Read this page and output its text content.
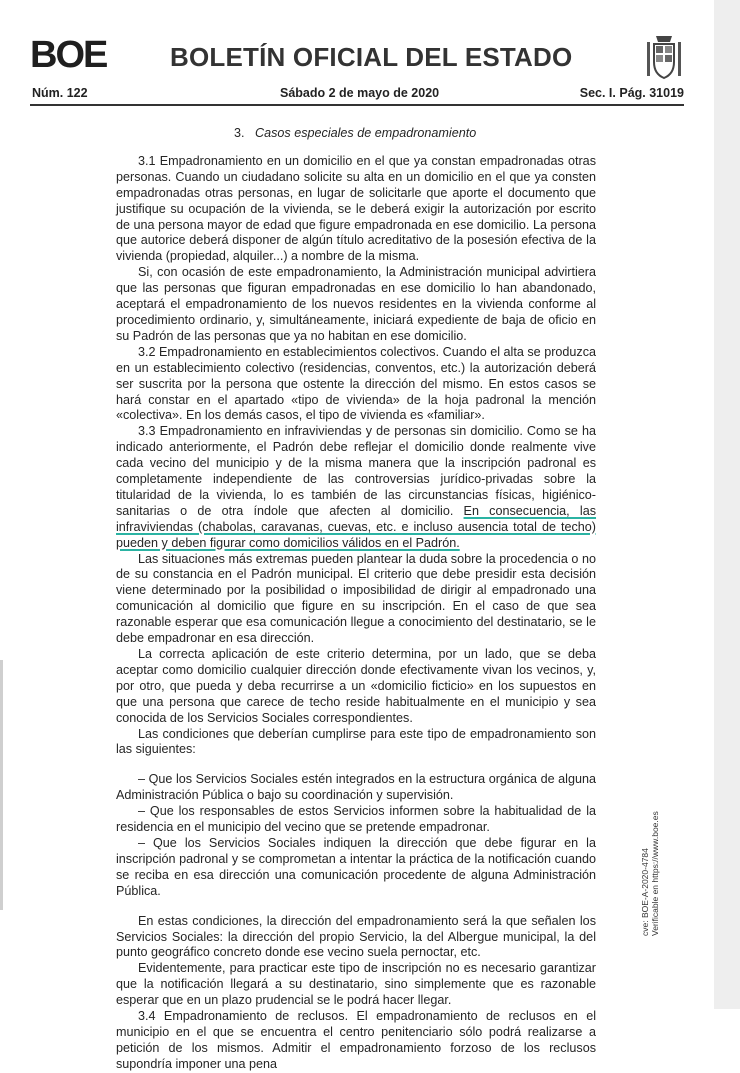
BOE BOLETÍN OFICIAL DEL ESTADO
Núm. 122	Sábado 2 de mayo de 2020	Sec. I. Pág. 31019

3. Casos especiales de empadronamiento

3.1 Empadronamiento en un domicilio en el que ya constan empadronadas otras personas. Cuando un ciudadano solicite su alta en un domicilio en el que ya consten empadronadas otras personas, en lugar de solicitarle que aporte el documento que justifique su ocupación de la vivienda, se le deberá exigir la autorización por escrito de una persona mayor de edad que figure empadronada en ese domicilio. La persona que autorice deberá disponer de algún título acreditativo de la posesión efectiva de la vivienda (propiedad, alquiler...) a nombre de la misma.

Si, con ocasión de este empadronamiento, la Administración municipal advirtiera que las personas que figuran empadronadas en ese domicilio lo han abandonado, aceptará el empadronamiento de los nuevos residentes en la vivienda conforme al procedimiento ordinario, y, simultáneamente, iniciará expediente de baja de oficio en su Padrón de las personas que ya no habitan en ese domicilio.

3.2 Empadronamiento en establecimientos colectivos. Cuando el alta se produzca en un establecimiento colectivo (residencias, conventos, etc.) la autorización deberá ser suscrita por la persona que ostente la dirección del mismo. En estos casos se hará constar en el apartado «tipo de vivienda» de la hoja padronal la mención «colectiva». En los demás casos, el tipo de vivienda es «familiar».

3.3 Empadronamiento en infraviviendas y de personas sin domicilio. Como se ha indicado anteriormente, el Padrón debe reflejar el domicilio donde realmente vive cada vecino del municipio y de la misma manera que la inscripción padronal es completamente independiente de las controversias jurídico-privadas sobre la titularidad de la vivienda, lo es también de las circunstancias físicas, higiénico-sanitarias o de otra índole que afecten al domicilio. En consecuencia, las infraviviendas (chabolas, caravanas, cuevas, etc. e incluso ausencia total de techo) pueden y deben figurar como domicilios válidos en el Padrón.

Las situaciones más extremas pueden plantear la duda sobre la procedencia o no de su constancia en el Padrón municipal. El criterio que debe presidir esta decisión viene determinado por la posibilidad o imposibilidad de dirigir al empadronado una comunicación al domicilio que figure en su inscripción. En el caso de que sea razonable esperar que esa comunicación llegue a conocimiento del destinatario, se le debe empadronar en esa dirección.

La correcta aplicación de este criterio determina, por un lado, que se deba aceptar como domicilio cualquier dirección donde efectivamente vivan los vecinos, y, por otro, que pueda y deba recurrirse a un «domicilio ficticio» en los supuestos en que una persona que carece de techo reside habitualmente en el municipio y sea conocida de los Servicios Sociales correspondientes.

Las condiciones que deberían cumplirse para este tipo de empadronamiento son las siguientes:

– Que los Servicios Sociales estén integrados en la estructura orgánica de alguna Administración Pública o bajo su coordinación y supervisión.

– Que los responsables de estos Servicios informen sobre la habitualidad de la residencia en el municipio del vecino que se pretende empadronar.

– Que los Servicios Sociales indiquen la dirección que debe figurar en la inscripción padronal y se comprometan a intentar la práctica de la notificación cuando se reciba en esa dirección una comunicación procedente de alguna Administración Pública.

En estas condiciones, la dirección del empadronamiento será la que señalen los Servicios Sociales: la dirección del propio Servicio, la del Albergue municipal, la del punto geográfico concreto donde ese vecino suela pernoctar, etc.

Evidentemente, para practicar este tipo de inscripción no es necesario garantizar que la notificación llegará a su destinatario, sino simplemente que es razonable esperar que en un plazo prudencial se le podrá hacer llegar.

3.4 Empadronamiento de reclusos. El empadronamiento de reclusos en el municipio en el que se encuentra el centro penitenciario sólo podrá realizarse a petición de los mismos. Admitir el empadronamiento forzoso de los reclusos supondría imponer una pena

cve: BOE-A-2020-4784 Verificable en https://www.boe.es
